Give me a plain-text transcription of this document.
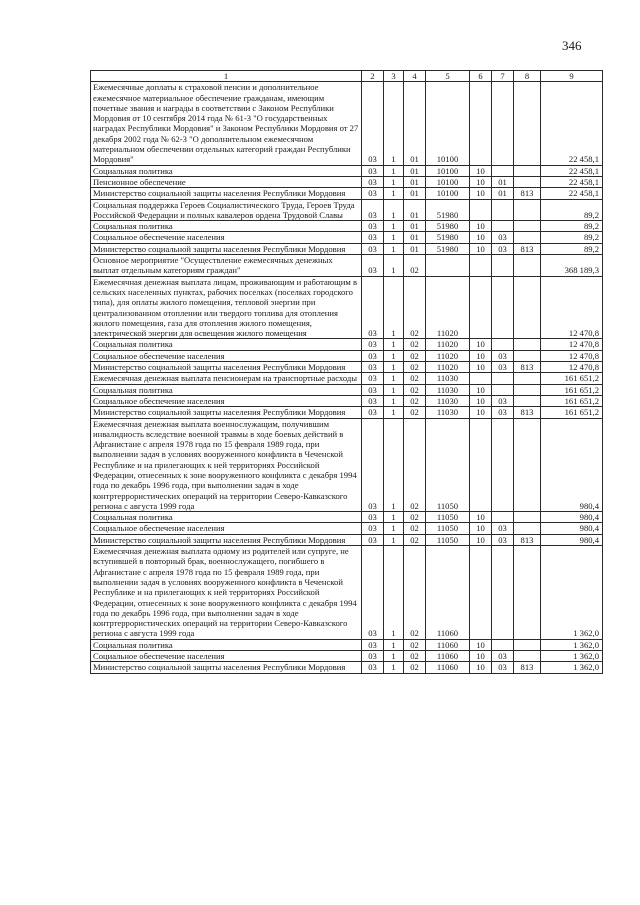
346
1	2	3	4	5	6	7	8	9
Ежемесячные доплаты к страховой пенсии и дополнительное ежемесячное материальное обеспечение гражданам, имеющим почетные звания и награды в соответствии с Законом Республики Мордовия от 10 сентября 2014 года № 61-З "О государственных наградах Республики Мордовия" и Законом Республики Мордовия от 27 декабря 2002 года № 62-З "О дополнительном ежемесячном материальном обеспечении отдельных категорий граждан Республики Мордовия"	03	1	01	10100				22 458,1
Социальная политика	03	1	01	10100	10			22 458,1
Пенсионное обеспечение	03	1	01	10100	10	01		22 458,1
Министерство социальной защиты населения Республики Мордовия	03	1	01	10100	10	01	813	22 458,1
Социальная поддержка Героев Социалистического Труда, Героев Труда Российской Федерации и полных кавалеров ордена Трудовой Славы	03	1	01	51980				89,2
Социальная политика	03	1	01	51980	10			89,2
Социальное обеспечение населения	03	1	01	51980	10	03		89,2
Министерство социальной защиты населения Республики Мордовия	03	1	01	51980	10	03	813	89,2
Основное мероприятие "Осуществление ежемесячных денежных выплат отдельным категориям граждан"	03	1	02					368 189,3
Ежемесячная денежная выплата лицам, проживающим и работающим в сельских населенных пунктах, рабочих поселках (поселках городского типа), для оплаты жилого помещения, тепловой энергии при централизованном отоплении или твердого топлива для отопления жилого помещения, газа для отопления жилого помещения, электрической энергии для освещения жилого помещения	03	1	02	11020				12 470,8
Социальная политика	03	1	02	11020	10			12 470,8
Социальное обеспечение населения	03	1	02	11020	10	03		12 470,8
Министерство социальной защиты населения Республики Мордовия	03	1	02	11020	10	03	813	12 470,8
Ежемесячная денежная выплата пенсионерам на транспортные расходы	03	1	02	11030				161 651,2
Социальная политика	03	1	02	11030	10			161 651,2
Социальное обеспечение населения	03	1	02	11030	10	03		161 651,2
Министерство социальной защиты населения Республики Мордовия	03	1	02	11030	10	03	813	161 651,2
Ежемесячная денежная выплата военнослужащим, получившим инвалидность вследствие военной травмы в ходе боевых действий в Афганистане с апреля 1978 года по 15 февраля 1989 года, при выполнении задач в условиях вооруженного конфликта в Чеченской Республике и на прилегающих к ней территориях Российской Федерации, отнесенных к зоне вооруженного конфликта с декабря 1994 года по декабрь 1996 года, при выполнении задач в ходе контртеррористических операций на территории Северо-Кавказского региона с августа 1999 года	03	1	02	11050				980,4
Социальная политика	03	1	02	11050	10			980,4
Социальное обеспечение населения	03	1	02	11050	10	03		980,4
Министерство социальной защиты населения Республики Мордовия	03	1	02	11050	10	03	813	980,4
Ежемесячная денежная выплата одному из родителей или супруге, не вступившей в повторный брак, военнослужащего, погибшего в Афганистане с апреля 1978 года по 15 февраля 1989 года, при выполнении задач в условиях вооруженного конфликта в Чеченской Республике и на прилегающих к ней территориях Российской Федерации, отнесенных к зоне вооруженного конфликта с декабря 1994 года по декабрь 1996 года, при выполнении задач в ходе контртеррористических операций на территории Северо-Кавказского региона с августа 1999 года	03	1	02	11060				1 362,0
Социальная политика	03	1	02	11060	10			1 362,0
Социальное обеспечение населения	03	1	02	11060	10	03		1 362,0
Министерство социальной защиты населения Республики Мордовия	03	1	02	11060	10	03	813	1 362,0
